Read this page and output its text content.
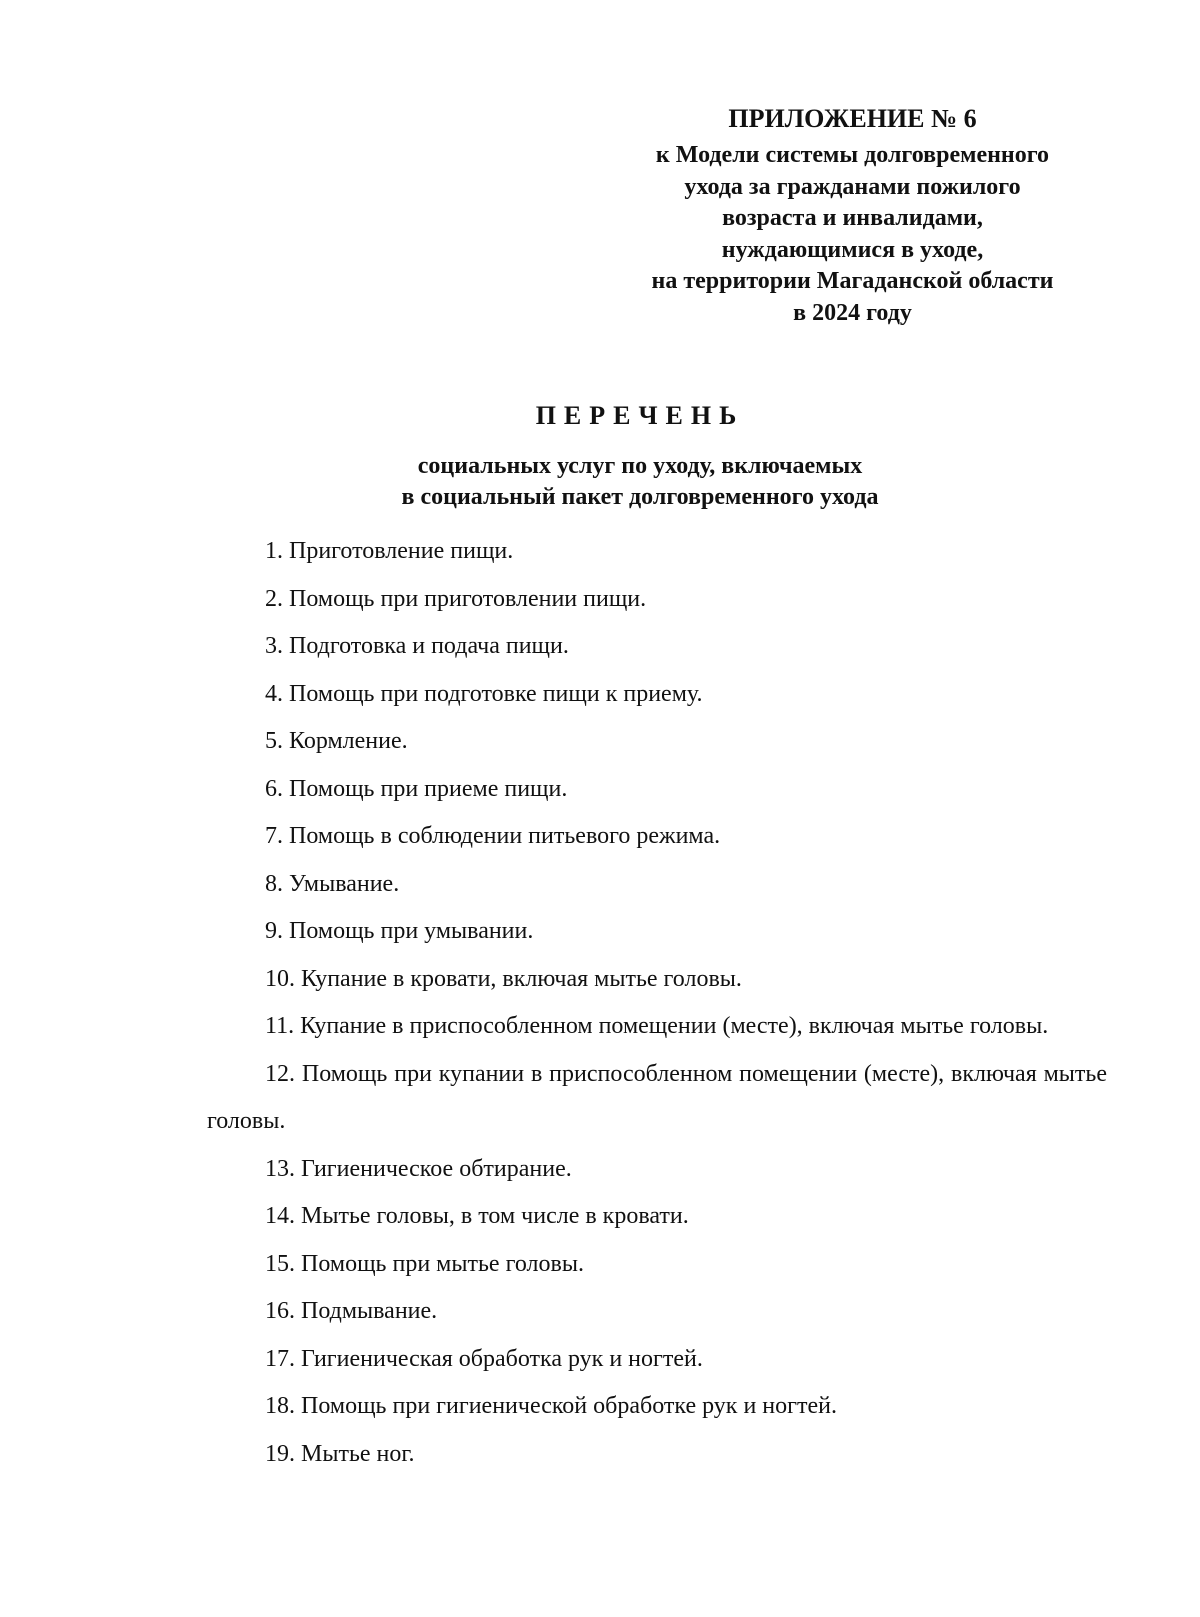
ПРИЛОЖЕНИЕ № 6
к Модели системы долговременного
ухода за гражданами пожилого
возраста и инвалидами,
нуждающимися в уходе,
на территории Магаданской области
в 2024 году
ПЕРЕЧЕНЬ
социальных услуг по уходу, включаемых
в социальный пакет долговременного ухода
1. Приготовление пищи.
2. Помощь при приготовлении пищи.
3. Подготовка и подача пищи.
4. Помощь при подготовке пищи к приему.
5. Кормление.
6. Помощь при приеме пищи.
7. Помощь в соблюдении питьевого режима.
8. Умывание.
9. Помощь при умывании.
10. Купание в кровати, включая мытье головы.
11. Купание в приспособленном помещении (месте), включая мытье головы.
12. Помощь при купании в приспособленном помещении (месте), включая мытье головы.
13. Гигиеническое обтирание.
14. Мытье головы, в том числе в кровати.
15. Помощь при мытье головы.
16. Подмывание.
17. Гигиеническая обработка рук и ногтей.
18. Помощь при гигиенической обработке рук и ногтей.
19. Мытье ног.
